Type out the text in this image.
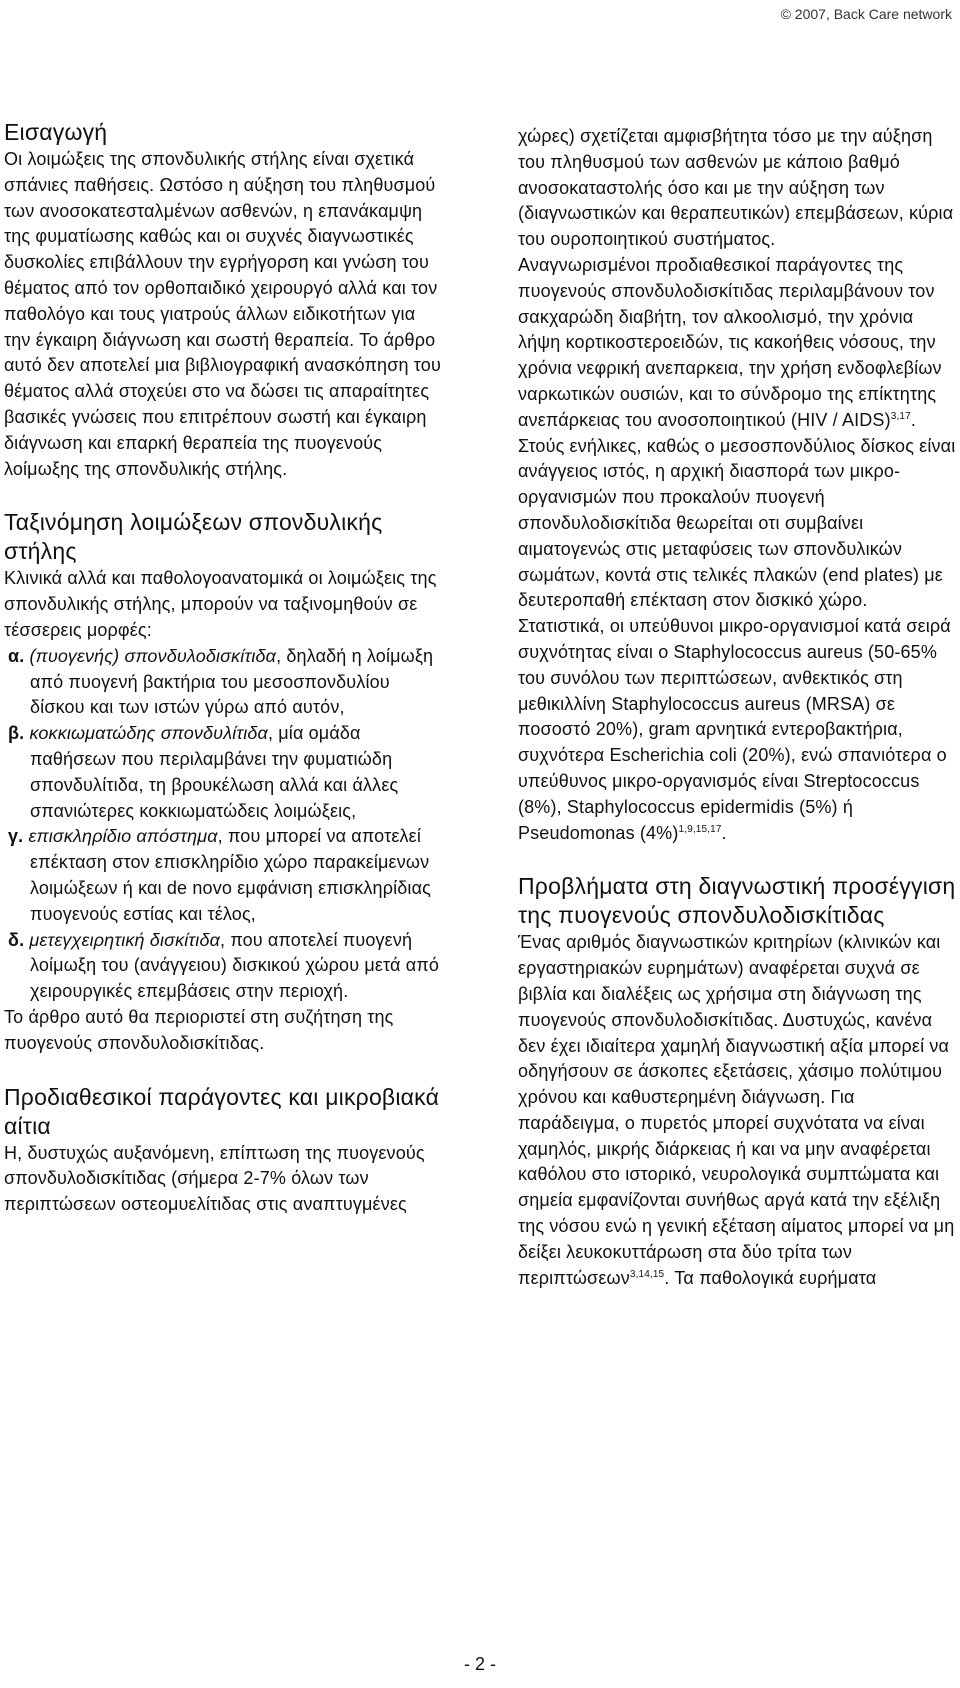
© 2007, Back Care network
Εισαγωγή

Οι λοιμώξεις της σπονδυλικής στήλης είναι σχετικά σπάνιες παθήσεις. Ωστόσο η αύξηση του πληθυσμού των ανοσοκατεσταλμένων ασθενών, η επανάκαμψη της φυματίωσης καθώς και οι συχνές διαγνωστικές δυσκολίες επιβάλλουν την εγρήγορση και γνώση του θέματος από τον ορθοπαιδικό χειρουργό αλλά και τον παθολόγο και τους γιατρούς άλλων ειδικοτήτων για την έγκαιρη διάγνωση και σωστή θεραπεία. Το άρθρο αυτό δεν αποτελεί μια βιβλιογραφική ανασκόπηση του θέματος αλλά στοχεύει στο να δώσει τις απαραίτητες βασικές γνώσεις που επιτρέπουν σωστή και έγκαιρη διάγνωση και επαρκή θεραπεία της πυογενούς λοίμωξης της σπονδυλικής στήλης.

Ταξινόμηση λοιμώξεων σπονδυλικής στήλης

Κλινικά αλλά και παθολογοανατομικά οι λοιμώξεις της σπονδυλικής στήλης, μπορούν να ταξινομηθούν σε τέσσερεις μορφές:

α. (πυογενής) σπονδυλοδισκίτιδα, δηλαδή η λοίμωξη από πυογενή βακτήρια του μεσοσπονδυλίου δίσκου και των ιστών γύρω από αυτόν,

β. κοκκιωματώδης σπονδυλίτιδα, μία ομάδα παθήσεων που περιλαμβάνει την φυματιώδη σπονδυλίτιδα, τη βρουκέλωση αλλά και άλλες σπανιώτερες κοκκιωματώδεις λοιμώξεις,

γ. επισκληρίδιο απόστημα, που μπορεί να αποτελεί επέκταση στον επισκληρίδιο χώρο παρακείμενων λοιμώξεων ή και de novo εμφάνιση επισκληρίδιας πυογενούς εστίας και τέλος,

δ. μετεγχειρητική δισκίτιδα, που αποτελεί πυογενή λοίμωξη του (ανάγγειου) δισκικού χώρου μετά από χειρουργικές επεμβάσεις στην περιοχή.

Το άρθρο αυτό θα περιοριστεί στη συζήτηση της πυογενούς σπονδυλοδισκίτιδας.

Προδιαθεσικοί παράγοντες και μικροβιακά αίτια

Η, δυστυχώς αυξανόμενη, επίπτωση της πυογενούς σπονδυλοδισκίτιδας (σήμερα 2-7% όλων των περιπτώσεων οστεομυελίτιδας στις αναπτυγμένες

χώρες) σχετίζεται αμφισβήτητα τόσο με την αύξηση του πληθυσμού των ασθενών με κάποιο βαθμό ανοσοκαταστολής όσο και με την αύξηση των (διαγνωστικών και θεραπευτικών) επεμβάσεων, κύρια του ουροποιητικού συστήματος.

Αναγνωρισμένοι προδιαθεσικοί παράγοντες της πυογενούς σπονδυλοδισκίτιδας περιλαμβάνουν τον σακχαρώδη διαβήτη, τον αλκοολισμό, την χρόνια λήψη κορτικοστεροειδών, τις κακοήθεις νόσους, την χρόνια νεφρική ανεπαρκεια, την χρήση ενδοφλεβίων ναρκωτικών ουσιών, και το σύνδρομο της επίκτητης ανεπάρκειας του ανοσοποιητικού (HIV / AIDS)$^{3,17}$. Στούς ενήλικες, καθώς ο μεσοσπονδύλιος δίσκος είναι ανάγγειος ιστός, η αρχική διασπορά των μικρο-οργανισμών που προκαλούν πυογενή σπονδυλοδισκίτιδα θεωρείται οτι συμβαίνει αιματογενώς στις μεταφύσεις των σπονδυλικών σωμάτων, κοντά στις τελικές πλακών (end plates) με δευτεροπαθή επέκταση στον δισκικό χώρο. Στατιστικά, οι υπεύθυνοι μικρο-οργανισμοί κατά σειρά συχνότητας είναι ο Staphylococcus aureus (50-65% του συνόλου των περιπτώσεων, ανθεκτικός στη μεθικιλλίνη Staphylococcus aureus (MRSA) σε ποσοστό 20%), gram αρνητικά εντεροβακτήρια, συχνότερα Escherichia coli (20%), ενώ σπανιότερα ο υπεύθυνος μικρο-οργανισμός είναι Streptococcus (8%), Staphylococcus epidermidis (5%) ή Pseudomonas $(4\%)^{1,9,15,17}$.

Προβλήματα στη διαγνωστική προσέγγιση της πυογενούς σπονδυλοδισκίτιδας

Ένας αριθμός διαγνωστικών κριτηρίων (κλινικών και εργαστηριακών ευρημάτων) αναφέρεται συχνά σε βιβλία και διαλέξεις ως χρήσιμα στη διάγνωση της πυογενούς σπονδυλοδισκίτιδας. Δυστυχώς, κανένα δεν έχει ιδιαίτερα χαμηλή διαγνωστική αξία μπορεί να οδηγήσουν σε άσκοπες εξετάσεις, χάσιμο πολύτιμου χρόνου και καθυστερημένη διάγνωση. Για παράδειγμα, ο πυρετός μπορεί συχνότατα να είναι χαμηλός, μικρής διάρκειας ή και να μην αναφέρεται καθόλου στο ιστορικό, νευρολογικά συμπτώματα και σημεία εμφανίζονται συνήθως αργά κατά την εξέλιξη της νόσου ενώ η γενική εξέταση αίματος μπορεί να μη δείξει λευκοκυττάρωση στα δύο τρίτα των περιπτώσεων$^{3,14,15}$. Τα παθολογικά ευρήματα

- 2 -
